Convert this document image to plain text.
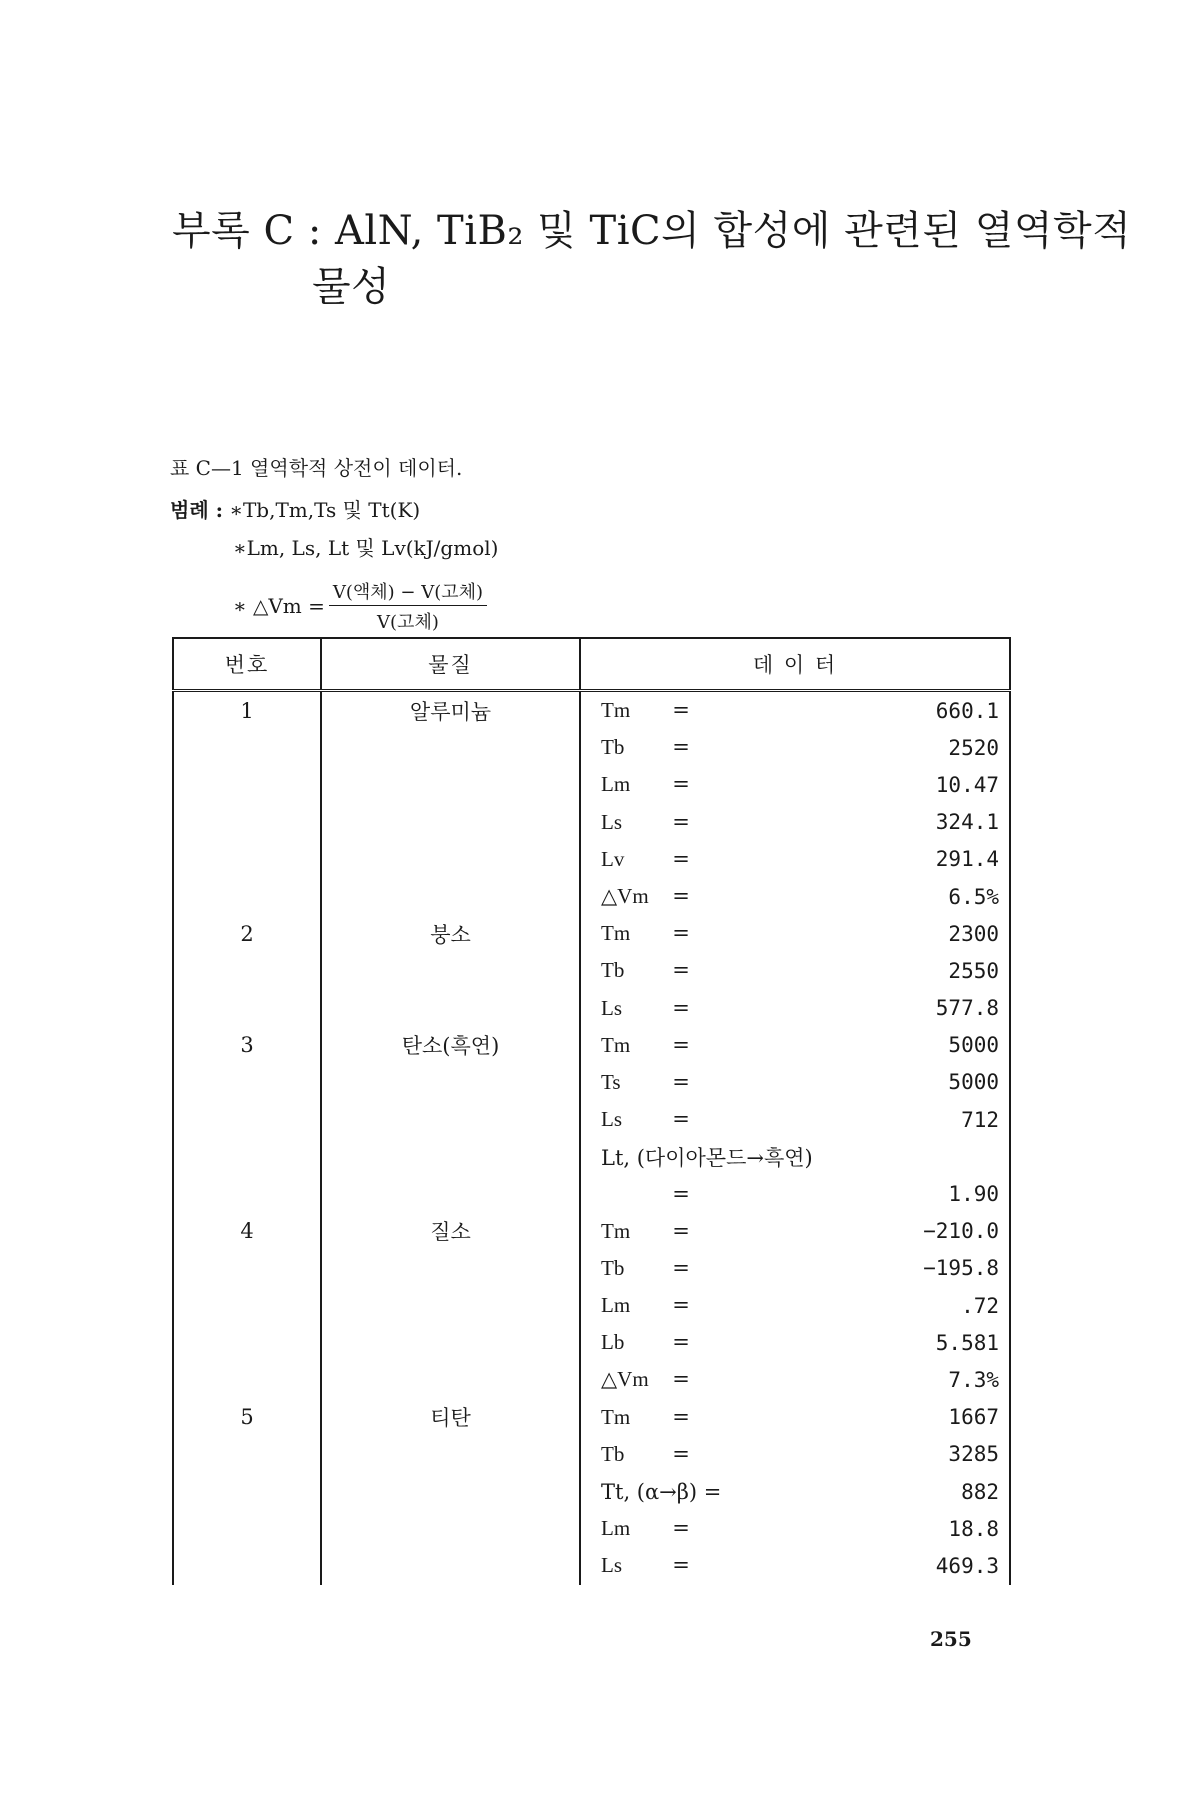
부록 C : AlN, TiB₂ 및 TiC의 합성에 관련된 열역학적
물성
표 C—1 열역학적 상전이 데이터.
범례 : ∗Tb,Tm,Ts 및 Tt(K)
∗Lm, Ls, Lt 및 Lv(kJ/gmol)
∗ △Vm = $\frac{\text{V(액체) − V(고체)}}{\text{V(고체)}}$
번호	물질	데 이 터
1	알루미늄	Tm = 660.1

		Tb = 2520

		Lm = 10.47

		Ls = 324.1

		Lv = 291.4

		△Vm = 6.5%

2	붕소	Tm = 2300

		Tb = 2550

		Ls = 577.8

3	탄소(흑연)	Tm = 5000

		Ts = 5000

		Ls = 712

		Lt, (다이아몬드→흑연)

		= 1.90

4	질소	Tm = −210.0

		Tb = −195.8

		Lm = .72

		Lb = 5.581

		△Vm = 7.3%

5	티탄	Tm = 1667

		Tb = 3285

		Tt, (α→β) = 882

		Lm = 18.8

		Ls = 469.3
255
